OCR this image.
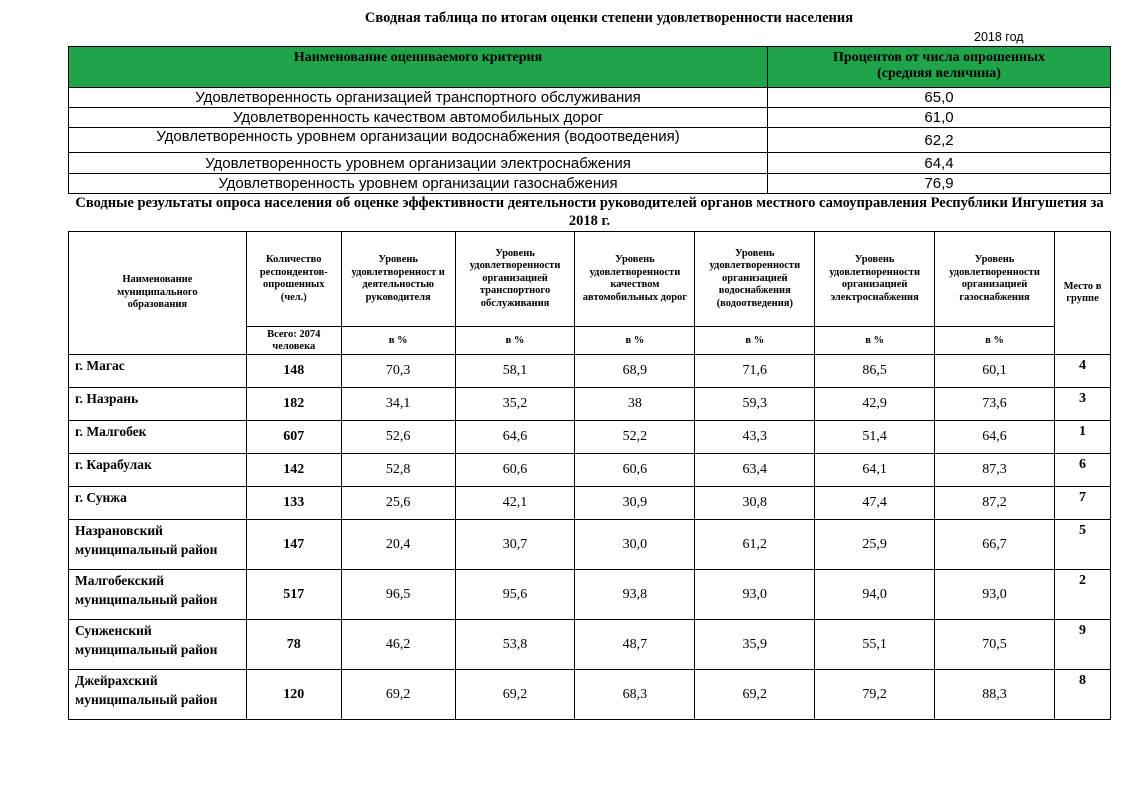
Сводная таблица по итогам оценки степени удовлетворенности населения
2018 год
Наименование оцениваемого критерия	Процентов от числа опрошенных (средняя величина)
Удовлетворенность организацией транспортного обслуживания	65,0
Удовлетворенность качеством автомобильных дорог	61,0
Удовлетворенность уровнем организации водоснабжения (водоотведения)	62,2
Удовлетворенность уровнем организации электроснабжения	64,4
Удовлетворенность уровнем организации газоснабжения	76,9
Сводные результаты опроса населения об оценке эффективности деятельности руководителей органов местного самоуправления Республики Ингушетия за 2018 г.
Наименование муниципального образования	Количество респондентов-опрошенных (чел.)	Уровень удовлетворенност и деятельностью руководителя	Уровень удовлетворенности организацией транспортного обслуживания	Уровень удовлетворенности качеством автомобильных дорог	Уровень удовлетворенности организацией водоснабжения (водоотведения)	Уровень удовлетворенности организацией электроснабжения	Уровень удовлетворенности организацией газоснабжения	Место в группе
	Всего: 2074 человека	в %	в %	в %	в %	в %	в %	
г. Магас	148	70,3	58,1	68,9	71,6	86,5	60,1	4
г. Назрань	182	34,1	35,2	38	59,3	42,9	73,6	3
г. Малгобек	607	52,6	64,6	52,2	43,3	51,4	64,6	1
г. Карабулак	142	52,8	60,6	60,6	63,4	64,1	87,3	6
г. Сунжа	133	25,6	42,1	30,9	30,8	47,4	87,2	7
Назрановский муниципальный район	147	20,4	30,7	30,0	61,2	25,9	66,7	5
Малгобекский муниципальный район	517	96,5	95,6	93,8	93,0	94,0	93,0	2
Сунженский муниципальный район	78	46,2	53,8	48,7	35,9	55,1	70,5	9
Джейрахский муниципальный район	120	69,2	69,2	68,3	69,2	79,2	88,3	8
